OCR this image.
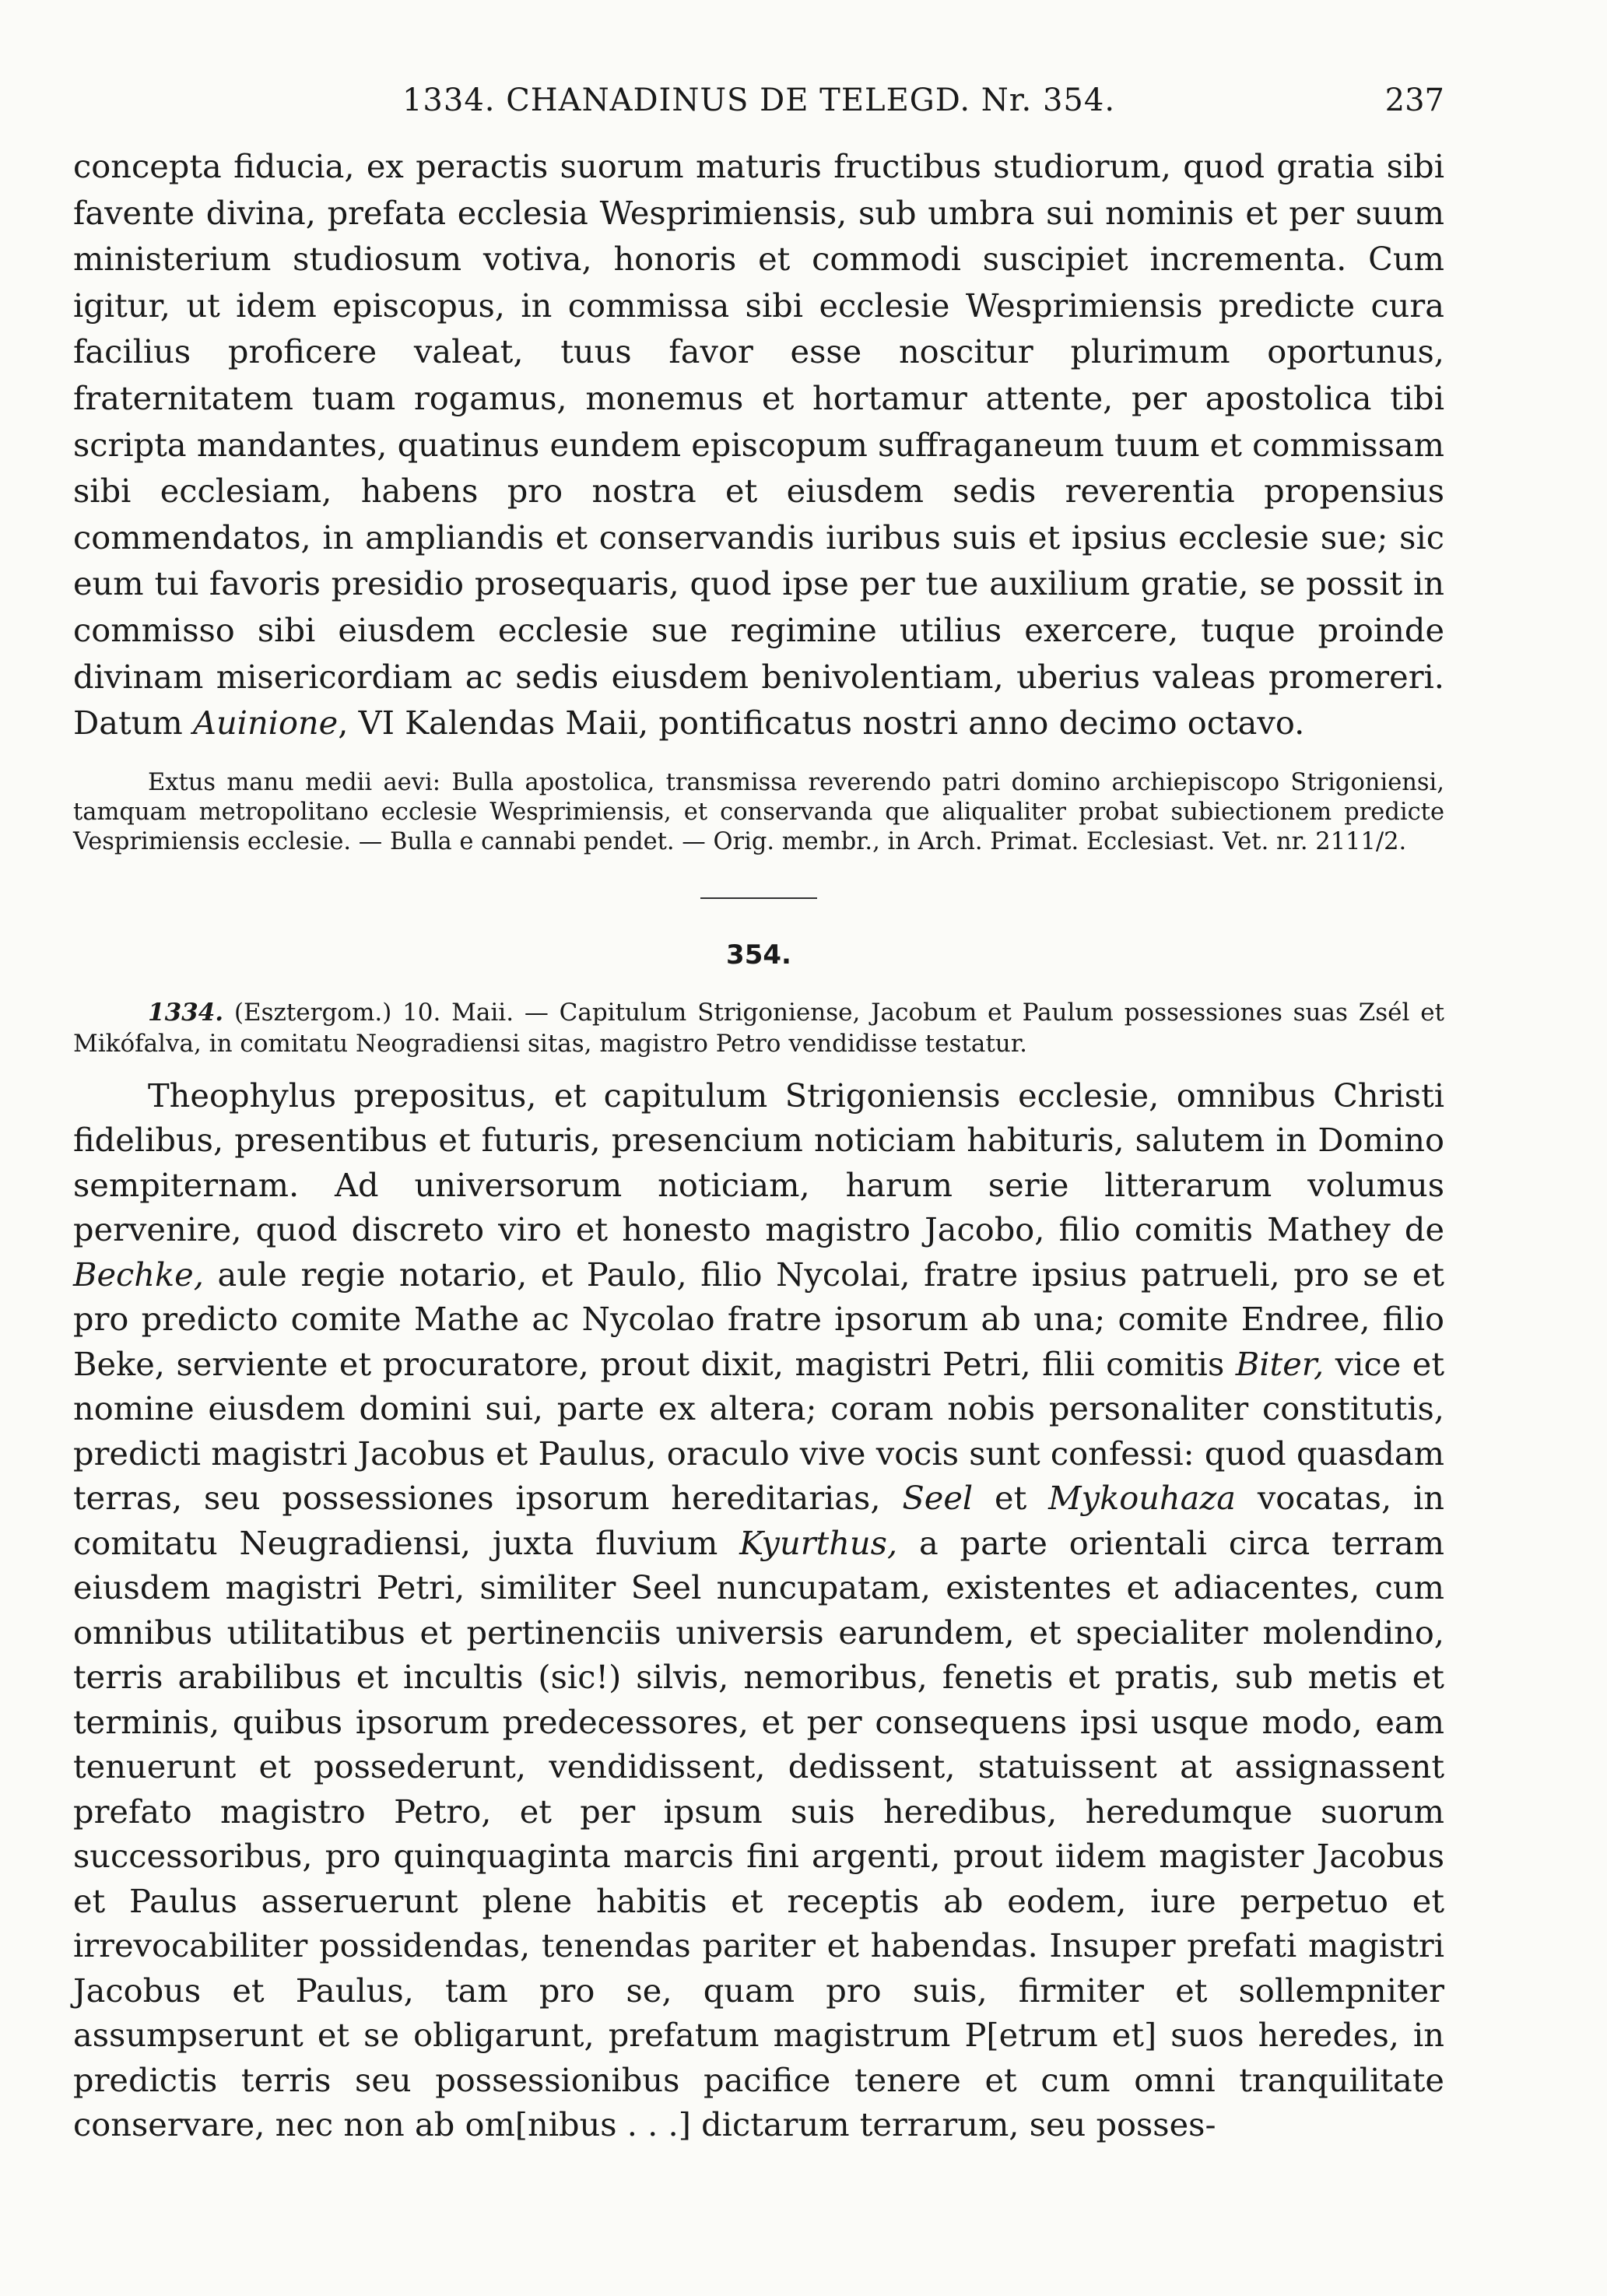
1334. CHANADINUS DE TELEGD. Nr. 354.	237

concepta fiducia, ex peractis suorum maturis fructibus studiorum, quod gratia sibi favente divina, prefata ecclesia Wesprimiensis, sub umbra sui nominis et per suum ministerium studiosum votiva, honoris et commodi suscipiet incrementa. Cum igitur, ut idem episcopus, in commissa sibi ecclesie Wesprimiensis predicte cura facilius proficere valeat, tuus favor esse noscitur plurimum oportunus, fraternitatem tuam rogamus, monemus et hortamur attente, per apostolica tibi scripta mandantes, quatinus eundem episcopum suffraganeum tuum et commissam sibi ecclesiam, habens pro nostra et eiusdem sedis reverentia propensius commendatos, in ampliandis et conservandis iuribus suis et ipsius ecclesie sue; sic eum tui favoris presidio prosequaris, quod ipse per tue auxilium gratie, se possit in commisso sibi eiusdem ecclesie sue regimine utilius exercere, tuque proinde divinam misericordiam ac sedis eiusdem benivolentiam, uberius valeas promereri. Datum Auinione, VI Kalendas Maii, pontificatus nostri anno decimo octavo.

Extus manu medii aevi: Bulla apostolica, transmissa reverendo patri domino archiepiscopo Strigoniensi, tamquam metropolitano ecclesie Wesprimiensis, et conservanda que aliqualiter probat subiectionem predicte Vesprimiensis ecclesie. — Bulla e cannabi pendet. — Orig. membr., in Arch. Primat. Ecclesiast. Vet. nr. 2111/2.

354.

1334. (Esztergom.) 10. Maii. — Capitulum Strigoniense, Jacobum et Paulum possessiones suas Zsél et Mikófalva, in comitatu Neogradiensi sitas, magistro Petro vendidisse testatur.

Theophylus prepositus, et capitulum Strigoniensis ecclesie, omnibus Christi fidelibus, presentibus et futuris, presencium noticiam habituris, salutem in Domino sempiternam. Ad universorum noticiam, harum serie litterarum volumus pervenire, quod discreto viro et honesto magistro Jacobo, filio comitis Mathey de Bechke, aule regie notario, et Paulo, filio Nycolai, fratre ipsius patrueli, pro se et pro predicto comite Mathe ac Nycolao fratre ipsorum ab una; comite Endree, filio Beke, serviente et procuratore, prout dixit, magistri Petri, filii comitis Biter, vice et nomine eiusdem domini sui, parte ex altera; coram nobis personaliter constitutis, predicti magistri Jacobus et Paulus, oraculo vive vocis sunt confessi: quod quasdam terras, seu possessiones ipsorum hereditarias, Seel et Mykouhaza vocatas, in comitatu Neugradiensi, juxta fluvium Kyurthus, a parte orientali circa terram eiusdem magistri Petri, similiter Seel nuncupatam, existentes et adiacentes, cum omnibus utilitatibus et pertinenciis universis earundem, et specialiter molendino, terris arabilibus et incultis (sic!) silvis, nemoribus, fenetis et pratis, sub metis et terminis, quibus ipsorum predecessores, et per consequens ipsi usque modo, eam tenuerunt et possederunt, vendidissent, dedissent, statuissent at assignassent prefato magistro Petro, et per ipsum suis heredibus, heredumque suorum successoribus, pro quinquaginta marcis fini argenti, prout iidem magister Jacobus et Paulus asseruerunt plene habitis et receptis ab eodem, iure perpetuo et irrevocabiliter possidendas, tenendas pariter et habendas. Insuper prefati magistri Jacobus et Paulus, tam pro se, quam pro suis, firmiter et sollempniter assumpserunt et se obligarunt, prefatum magistrum P[etrum et] suos heredes, in predictis terris seu possessionibus pacifice tenere et cum omni tranquilitate conservare, nec non ab om[nibus . . .] dictarum terrarum, seu posses-
